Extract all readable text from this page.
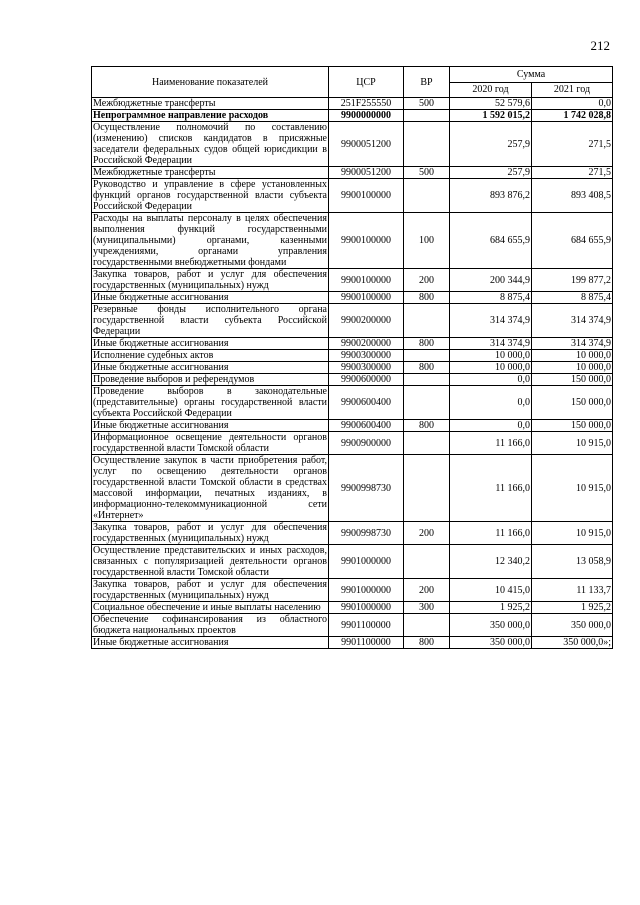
212
Наименование показателей	ЦСР	ВР	Сумма	
			2020 год	2021 год
Межбюджетные трансферты	251F255550	500	52 579,6	0,0
Непрограммное направление расходов	9900000000		1 592 015,2	1 742 028,8
Осуществление полномочий по составлению (изменению) списков кандидатов в присяжные заседатели федеральных судов общей юрисдикции в Российской Федерации	9900051200		257,9	271,5
Межбюджетные трансферты	9900051200	500	257,9	271,5
Руководство и управление в сфере установленных функций органов государственной власти субъекта Российской Федерации	9900100000		893 876,2	893 408,5
Расходы на выплаты персоналу в целях обеспечения выполнения функций государственными (муниципальными) органами, казенными учреждениями, органами управления государственными внебюджетными фондами	9900100000	100	684 655,9	684 655,9
Закупка товаров, работ и услуг для обеспечения государственных (муниципальных) нужд	9900100000	200	200 344,9	199 877,2
Иные бюджетные ассигнования	9900100000	800	8 875,4	8 875,4
Резервные фонды исполнительного органа государственной власти субъекта Российской Федерации	9900200000		314 374,9	314 374,9
Иные бюджетные ассигнования	9900200000	800	314 374,9	314 374,9
Исполнение судебных актов	9900300000		10 000,0	10 000,0
Иные бюджетные ассигнования	9900300000	800	10 000,0	10 000,0
Проведение выборов и референдумов	9900600000		0,0	150 000,0
Проведение выборов в законодательные (представительные) органы государственной власти субъекта Российской Федерации	9900600400		0,0	150 000,0
Иные бюджетные ассигнования	9900600400	800	0,0	150 000,0
Информационное освещение деятельности органов государственной власти Томской области	9900900000		11 166,0	10 915,0
Осуществление закупок в части приобретения работ, услуг по освещению деятельности органов государственной власти Томской области в средствах массовой информации, печатных изданиях, в информационно-телекоммуникационной сети «Интернет»	9900998730		11 166,0	10 915,0
Закупка товаров, работ и услуг для обеспечения государственных (муниципальных) нужд	9900998730	200	11 166,0	10 915,0
Осуществление представительских и иных расходов, связанных с популяризацией деятельности органов государственной власти Томской области	9901000000		12 340,2	13 058,9
Закупка товаров, работ и услуг для обеспечения государственных (муниципальных) нужд	9901000000	200	10 415,0	11 133,7
Социальное обеспечение и иные выплаты населению	9901000000	300	1 925,2	1 925,2
Обеспечение софинансирования из областного бюджета национальных проектов	9901100000		350 000,0	350 000,0
Иные бюджетные ассигнования	9901100000	800	350 000,0	350 000,0»;
